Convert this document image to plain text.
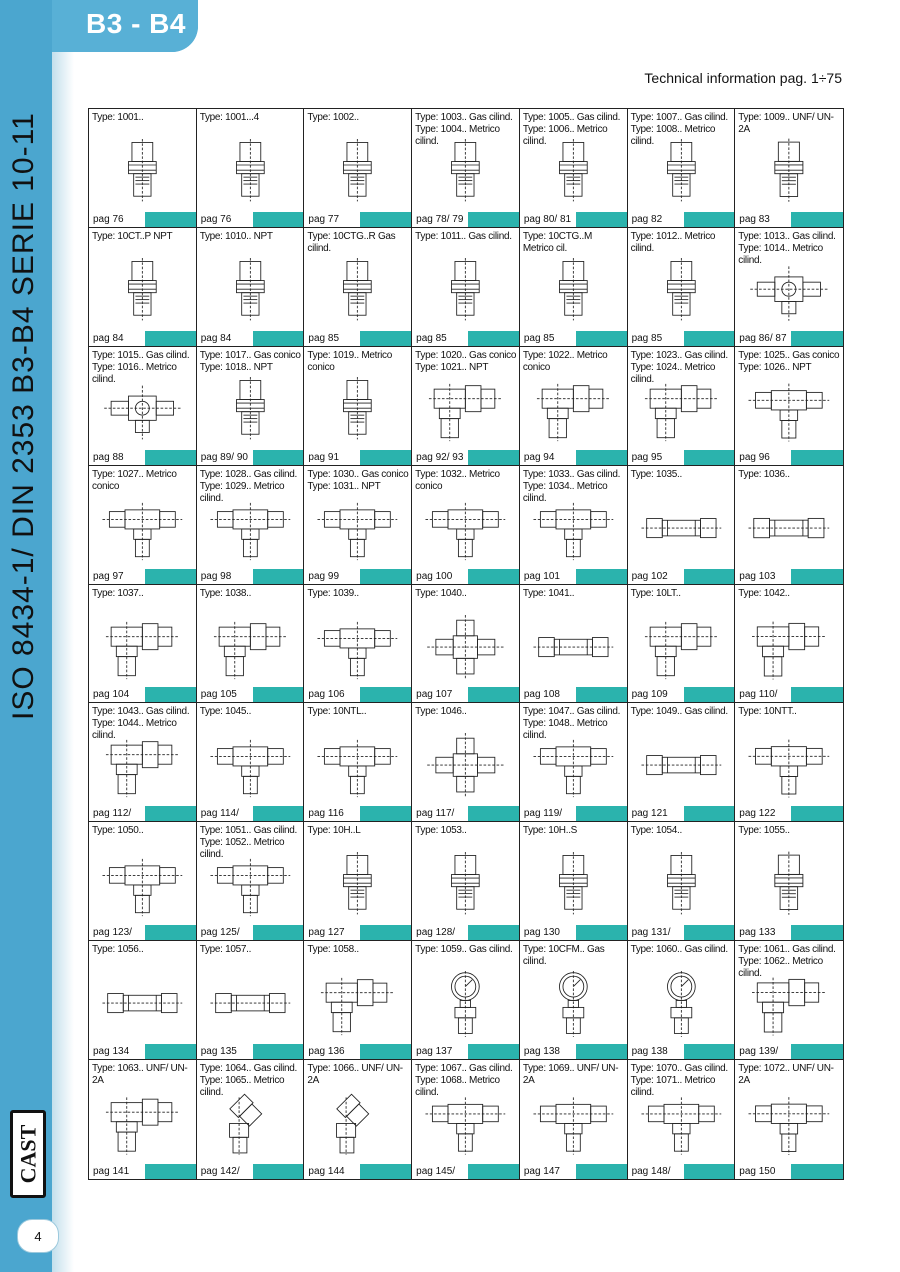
B3 - B4
ISO 8434-1/ DIN 2353 B3-B4 SERIE 10-11
CAST
4
Technical information pag. 1÷75
Type: 1001..
pag 76
Type: 1001...4
pag 76
Type: 1002..
pag 77
Type: 1003.. Gas cilind.
Type: 1004.. Metrico cilind.
pag 78/ 79
Type: 1005.. Gas cilind.
Type: 1006.. Metrico cilind.
pag 80/ 81
Type: 1007.. Gas cilind.
Type: 1008.. Metrico cilind.
pag 82
Type: 1009.. UNF/ UN-2A
pag 83
Type: 10CT..P NPT
pag 84
Type: 1010.. NPT
pag 84
Type: 10CTG..R Gas cilind.
pag 85
Type: 1011.. Gas cilind.
pag 85
Type: 10CTG..M Metrico cil.
pag 85
Type: 1012.. Metrico cilind.
pag 85
Type: 1013.. Gas cilind.
Type: 1014.. Metrico cilind.
pag 86/ 87
Type: 1015.. Gas cilind.
Type: 1016.. Metrico cilind.
pag 88
Type: 1017.. Gas conico
Type: 1018.. NPT
pag 89/ 90
Type: 1019.. Metrico conico
pag 91
Type: 1020.. Gas conico
Type: 1021.. NPT
pag 92/ 93
Type: 1022.. Metrico conico
pag 94
Type: 1023.. Gas cilind.
Type: 1024.. Metrico cilind.
pag 95
Type: 1025.. Gas conico
Type: 1026.. NPT
pag 96
Type: 1027.. Metrico conico
pag 97
Type: 1028.. Gas cilind.
Type: 1029.. Metrico cilind.
pag 98
Type: 1030.. Gas conico
Type: 1031.. NPT
pag 99
Type: 1032.. Metrico conico
pag 100
Type: 1033.. Gas cilind.
Type: 1034.. Metrico cilind.
pag 101
Type: 1035..
pag 102
Type: 1036..
pag 103
Type: 1037..
pag 104
Type: 1038..
pag 105
Type: 1039..
pag 106
Type: 1040..
pag 107
Type: 1041..
pag 108
Type: 10LT..
pag 109
Type: 1042..
pag 110/
Type: 1043.. Gas cilind.
Type: 1044.. Metrico cilind.
pag 112/
Type: 1045..
pag 114/
Type: 10NTL..
pag 116
Type: 1046..
pag 117/
Type: 1047.. Gas cilind.
Type: 1048.. Metrico cilind.
pag 119/
Type: 1049.. Gas cilind.
pag 121
Type: 10NTT..
pag 122
Type: 1050..
pag 123/
Type: 1051.. Gas cilind.
Type: 1052.. Metrico cilind.
pag 125/
Type: 10H..L
pag 127
Type: 1053..
pag 128/
Type: 10H..S
pag 130
Type: 1054..
pag 131/
Type: 1055..
pag 133
Type: 1056..
pag 134
Type: 1057..
pag 135
Type: 1058..
pag 136
Type: 1059.. Gas cilind.
pag 137
Type: 10CFM.. Gas cilind.
pag 138
Type: 1060.. Gas cilind.
pag 138
Type: 1061.. Gas cilind.
Type: 1062.. Metrico cilind.
pag 139/
Type: 1063.. UNF/ UN-2A
pag 141
Type: 1064.. Gas cilind.
Type: 1065.. Metrico cilind.
pag 142/
Type: 1066.. UNF/ UN-2A
pag 144
Type: 1067.. Gas cilind.
Type: 1068.. Metrico cilind.
pag 145/
Type: 1069.. UNF/ UN-2A
pag 147
Type: 1070.. Gas cilind.
Type: 1071.. Metrico cilind.
pag 148/
Type: 1072.. UNF/ UN-2A
pag 150
